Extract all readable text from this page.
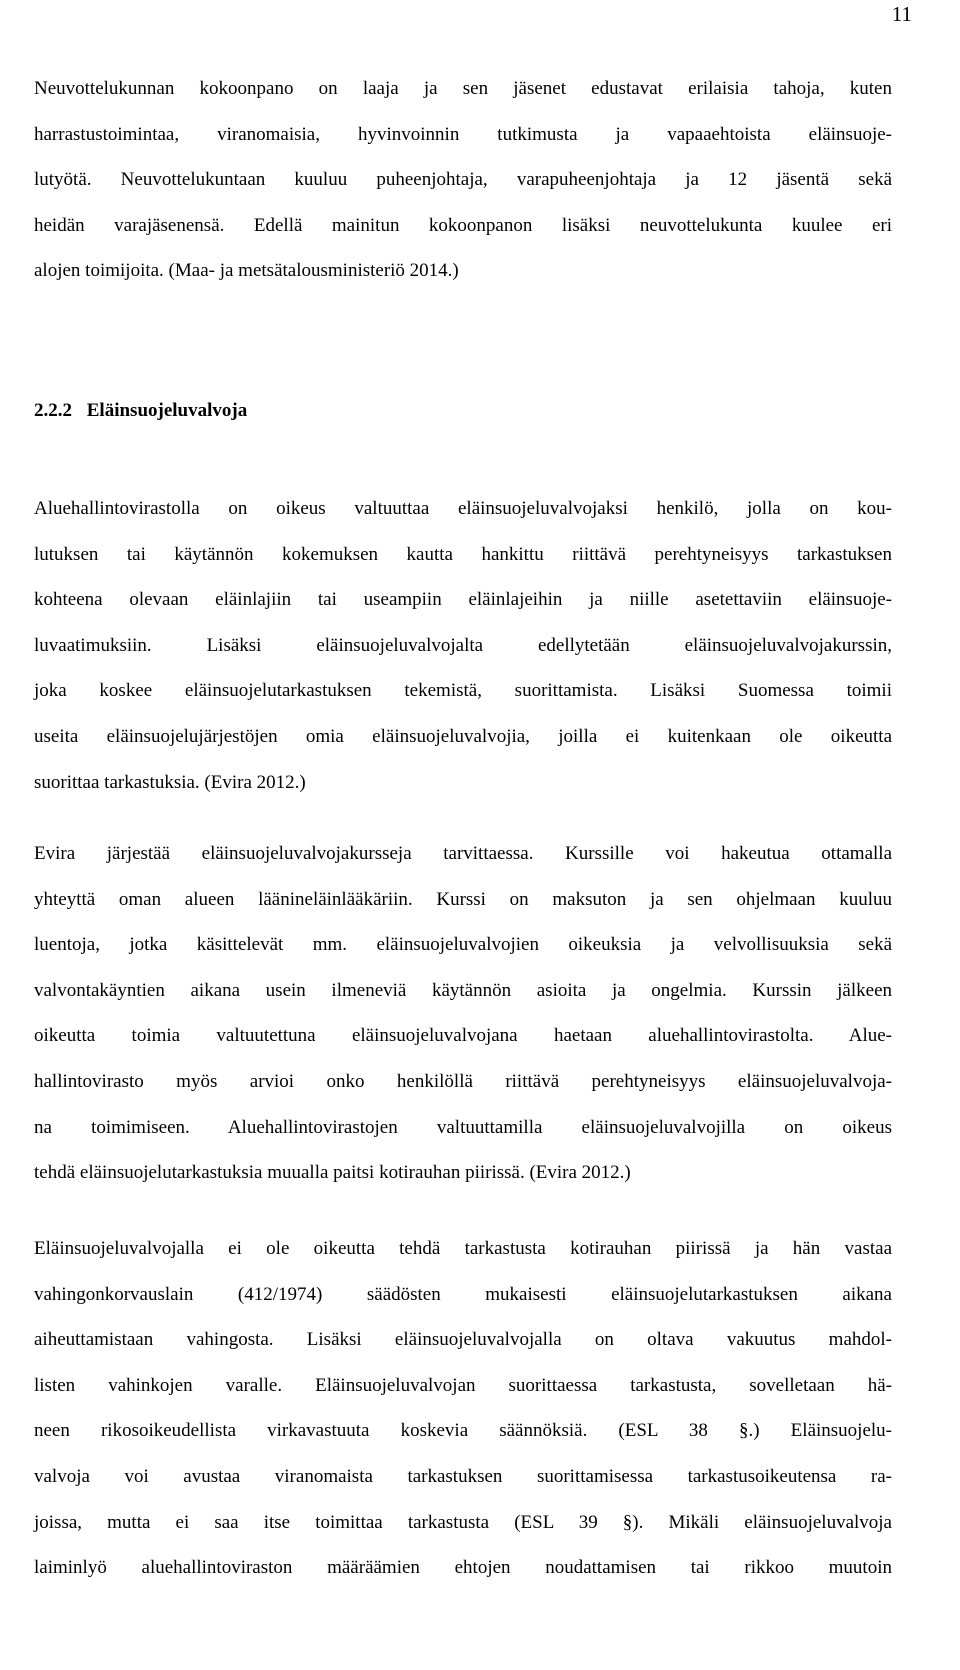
11
Neuvottelukunnan kokoonpano on laaja ja sen jäsenet edustavat erilaisia tahoja, kuten
harrastustoimintaa, viranomaisia, hyvinvoinnin tutkimusta ja vapaaehtoista eläinsuoje-
lutyötä. Neuvottelukuntaan kuuluu puheenjohtaja, varapuheenjohtaja ja 12 jäsentä sekä
heidän varajäsenensä. Edellä mainitun kokoonpanon lisäksi neuvottelukunta kuulee eri
alojen toimijoita. (Maa- ja metsätalousministeriö 2014.)
2.2.2 Eläinsuojeluvalvoja
Aluehallintovirastolla on oikeus valtuuttaa eläinsuojeluvalvojaksi henkilö, jolla on kou-
lutuksen tai käytännön kokemuksen kautta hankittu riittävä perehtyneisyys tarkastuksen
kohteena olevaan eläinlajiin tai useampiin eläinlajeihin ja niille asetettaviin eläinsuoje-
luvaatimuksiin. Lisäksi eläinsuojeluvalvojalta edellytetään eläinsuojeluvalvojakurssin,
joka koskee eläinsuojelutarkastuksen tekemistä, suorittamista. Lisäksi Suomessa toimii
useita eläinsuojelujärjestöjen omia eläinsuojeluvalvojia, joilla ei kuitenkaan ole oikeutta
suorittaa tarkastuksia. (Evira 2012.)
Evira järjestää eläinsuojeluvalvojakursseja tarvittaessa. Kurssille voi hakeutua ottamalla
yhteyttä oman alueen läänineläinlääkäriin. Kurssi on maksuton ja sen ohjelmaan kuuluu
luentoja, jotka käsittelevät mm. eläinsuojeluvalvojien oikeuksia ja velvollisuuksia sekä
valvontakäyntien aikana usein ilmeneviä käytännön asioita ja ongelmia. Kurssin jälkeen
oikeutta toimia valtuutettuna eläinsuojeluvalvojana haetaan aluehallintovirastolta. Alue-
hallintovirasto myös arvioi onko henkilöllä riittävä perehtyneisyys eläinsuojeluvalvoja-
na toimimiseen. Aluehallintovirastojen valtuuttamilla eläinsuojeluvalvojilla on oikeus
tehdä eläinsuojelutarkastuksia muualla paitsi kotirauhan piirissä. (Evira 2012.)
Eläinsuojeluvalvojalla ei ole oikeutta tehdä tarkastusta kotirauhan piirissä ja hän vastaa
vahingonkorvauslain (412/1974) säädösten mukaisesti eläinsuojelutarkastuksen aikana
aiheuttamistaan vahingosta. Lisäksi eläinsuojeluvalvojalla on oltava vakuutus mahdol-
listen vahinkojen varalle. Eläinsuojeluvalvojan suorittaessa tarkastusta, sovelletaan hä-
neen rikosoikeudellista virkavastuuta koskevia säännöksiä. (ESL 38 §.) Eläinsuojelu-
valvoja voi avustaa viranomaista tarkastuksen suorittamisessa tarkastusoikeutensa ra-
joissa, mutta ei saa itse toimittaa tarkastusta (ESL 39 §). Mikäli eläinsuojeluvalvoja
laiminlyö aluehallintoviraston määräämien ehtojen noudattamisen tai rikkoo muutoin
